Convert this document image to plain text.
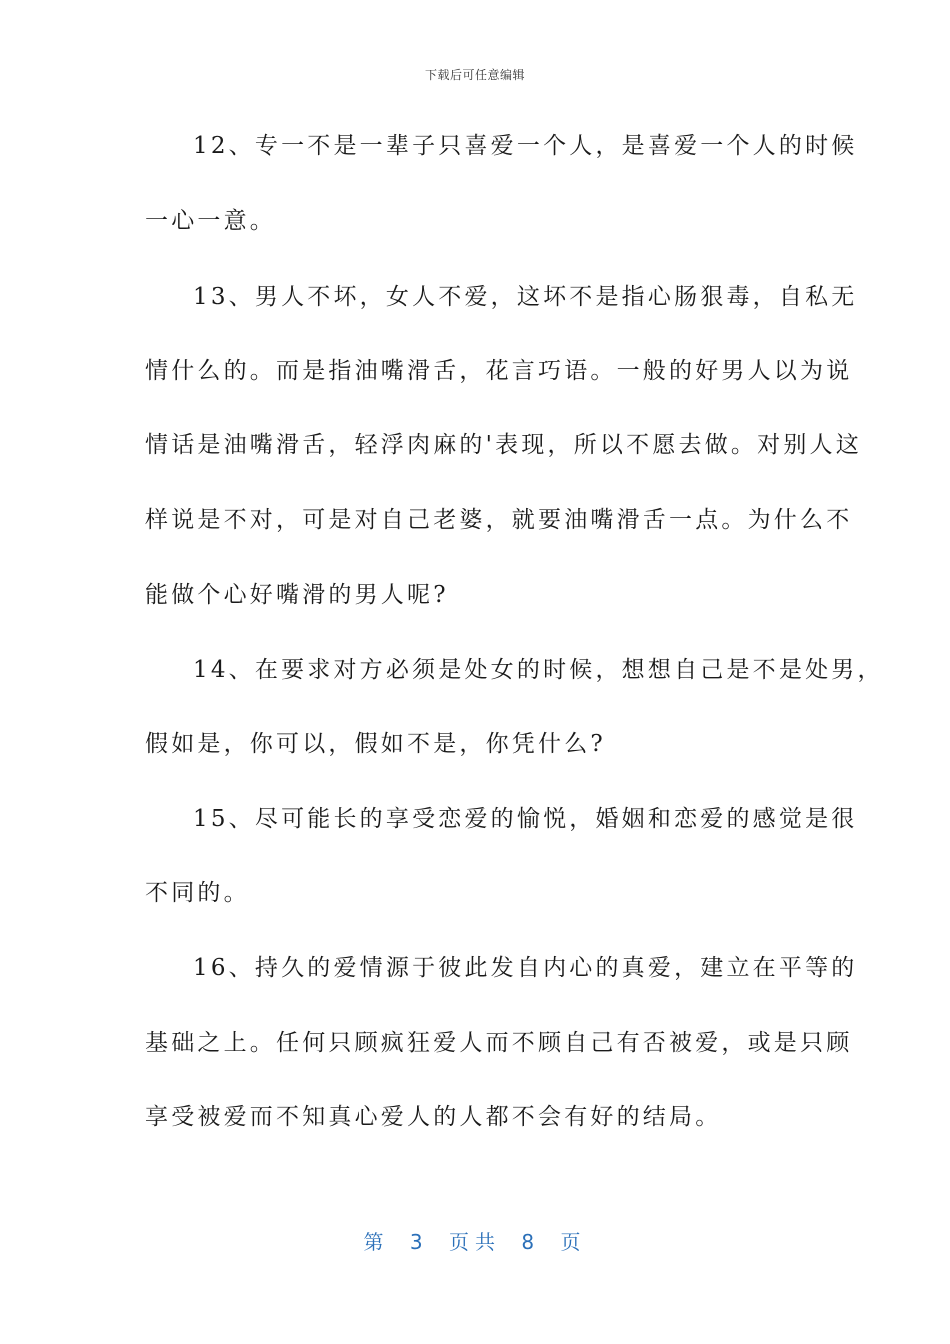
下载后可任意编辑
12、专一不是一辈子只喜爱一个人，是喜爱一个人的时候
一心一意。
13、男人不坏，女人不爱，这坏不是指心肠狠毒，自私无
情什么的。而是指油嘴滑舌，花言巧语。一般的好男人以为说
情话是油嘴滑舌，轻浮肉麻的'表现，所以不愿去做。对别人这
样说是不对，可是对自己老婆，就要油嘴滑舌一点。为什么不
能做个心好嘴滑的男人呢?
14、在要求对方必须是处女的时候，想想自己是不是处男，
假如是，你可以，假如不是，你凭什么?
15、尽可能长的享受恋爱的愉悦，婚姻和恋爱的感觉是很
不同的。
16、持久的爱情源于彼此发自内心的真爱，建立在平等的
基础之上。任何只顾疯狂爱人而不顾自己有否被爱，或是只顾
享受被爱而不知真心爱人的人都不会有好的结局。
第 3 页共 8 页
